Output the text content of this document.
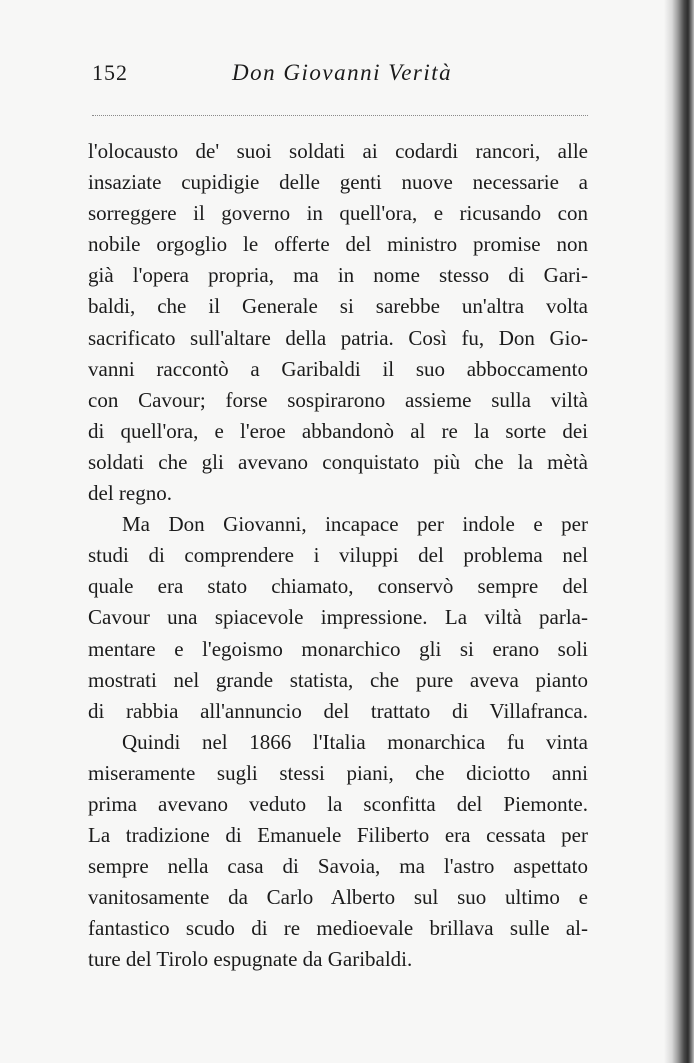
152	Don Giovanni Verità
l'olocausto de' suoi soldati ai codardi rancori, alle
insaziate cupidigie delle genti nuove necessarie a
sorreggere il governo in quell'ora, e ricusando con
nobile orgoglio le offerte del ministro promise non
già l'opera propria, ma in nome stesso di Gari-
baldi, che il Generale si sarebbe un'altra volta
sacrificato sull'altare della patria. Così fu, Don Gio-
vanni raccontò a Garibaldi il suo abboccamento
con Cavour; forse sospirarono assieme sulla viltà
di quell'ora, e l'eroe abbandonò al re la sorte dei
soldati che gli avevano conquistato più che la mètà
del regno.
Ma Don Giovanni, incapace per indole e per
studi di comprendere i viluppi del problema nel
quale era stato chiamato, conservò sempre del
Cavour una spiacevole impressione. La viltà parla-
mentare e l'egoismo monarchico gli si erano soli
mostrati nel grande statista, che pure aveva pianto
di rabbia all'annuncio del trattato di Villafranca.
Quindi nel 1866 l'Italia monarchica fu vinta
miseramente sugli stessi piani, che diciotto anni
prima avevano veduto la sconfitta del Piemonte.
La tradizione di Emanuele Filiberto era cessata per
sempre nella casa di Savoia, ma l'astro aspettato
vanitosamente da Carlo Alberto sul suo ultimo e
fantastico scudo di re medioevale brillava sulle al-
ture del Tirolo espugnate da Garibaldi.
